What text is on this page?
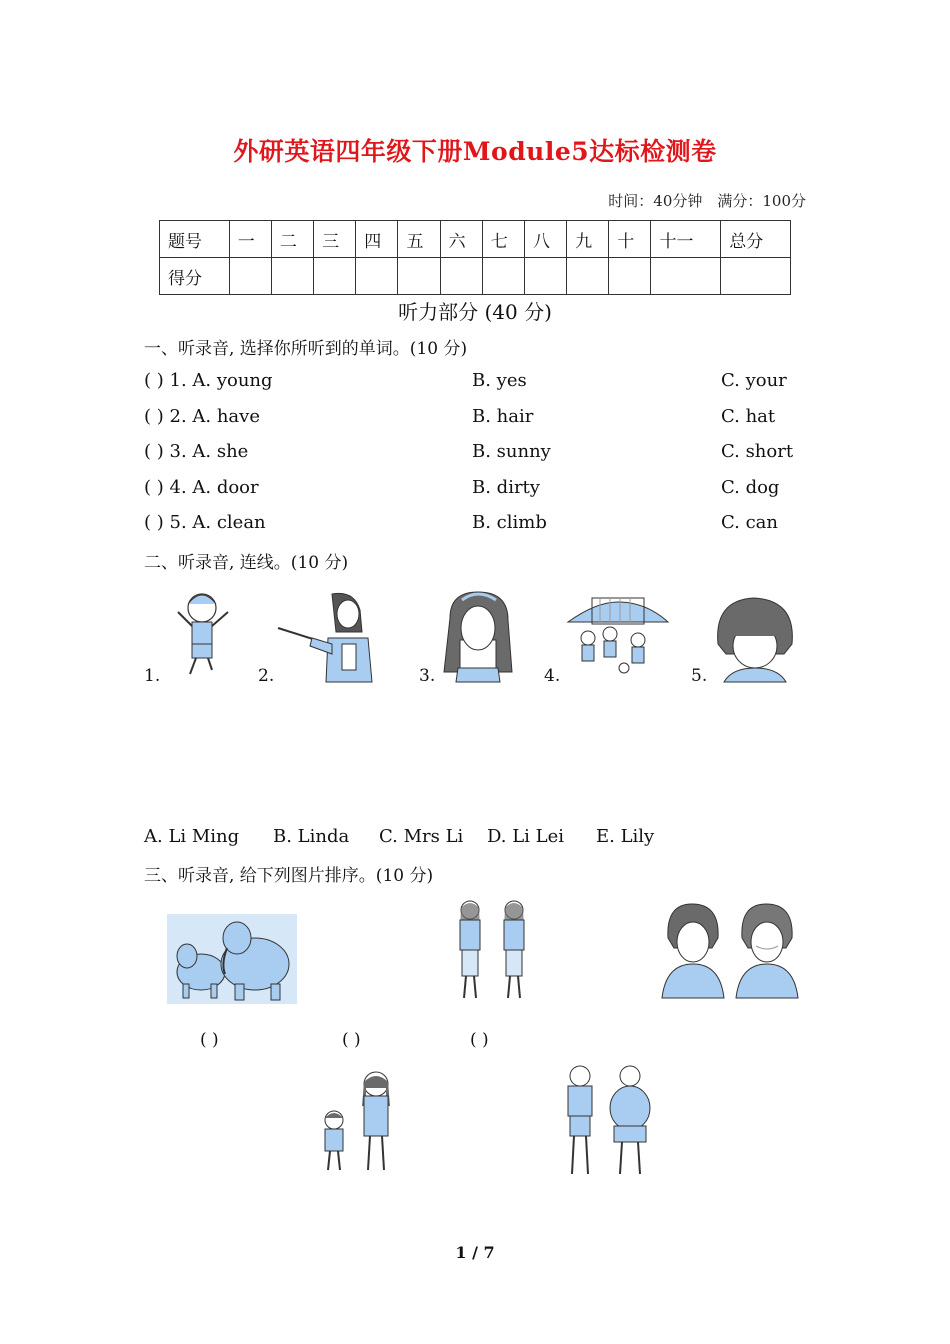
外研英语四年级下册Module5达标检测卷
时间：40分钟　满分：100分
题号	一	二	三	四	五	六	七	八	九	十	十一	总分
得分												
听力部分 (40 分)
一、听录音, 选择你所听到的单词。(10 分)
( ) 1. A. young	B. yes	C. your
( ) 2. A. have	B. hair	C. hat
( ) 3. A. she	B. sunny	C. short
( ) 4. A. door	B. dirty	C. dog
( ) 5. A. clean	B. climb	C. can
二、听录音, 连线。(10 分)
1.	2.	3.	4.	5.
A. Li Ming B. Linda C. Mrs Li D. Li Lei E. Lily
三、听录音, 给下列图片排序。(10 分)
( )	( )	( )
1 / 7
